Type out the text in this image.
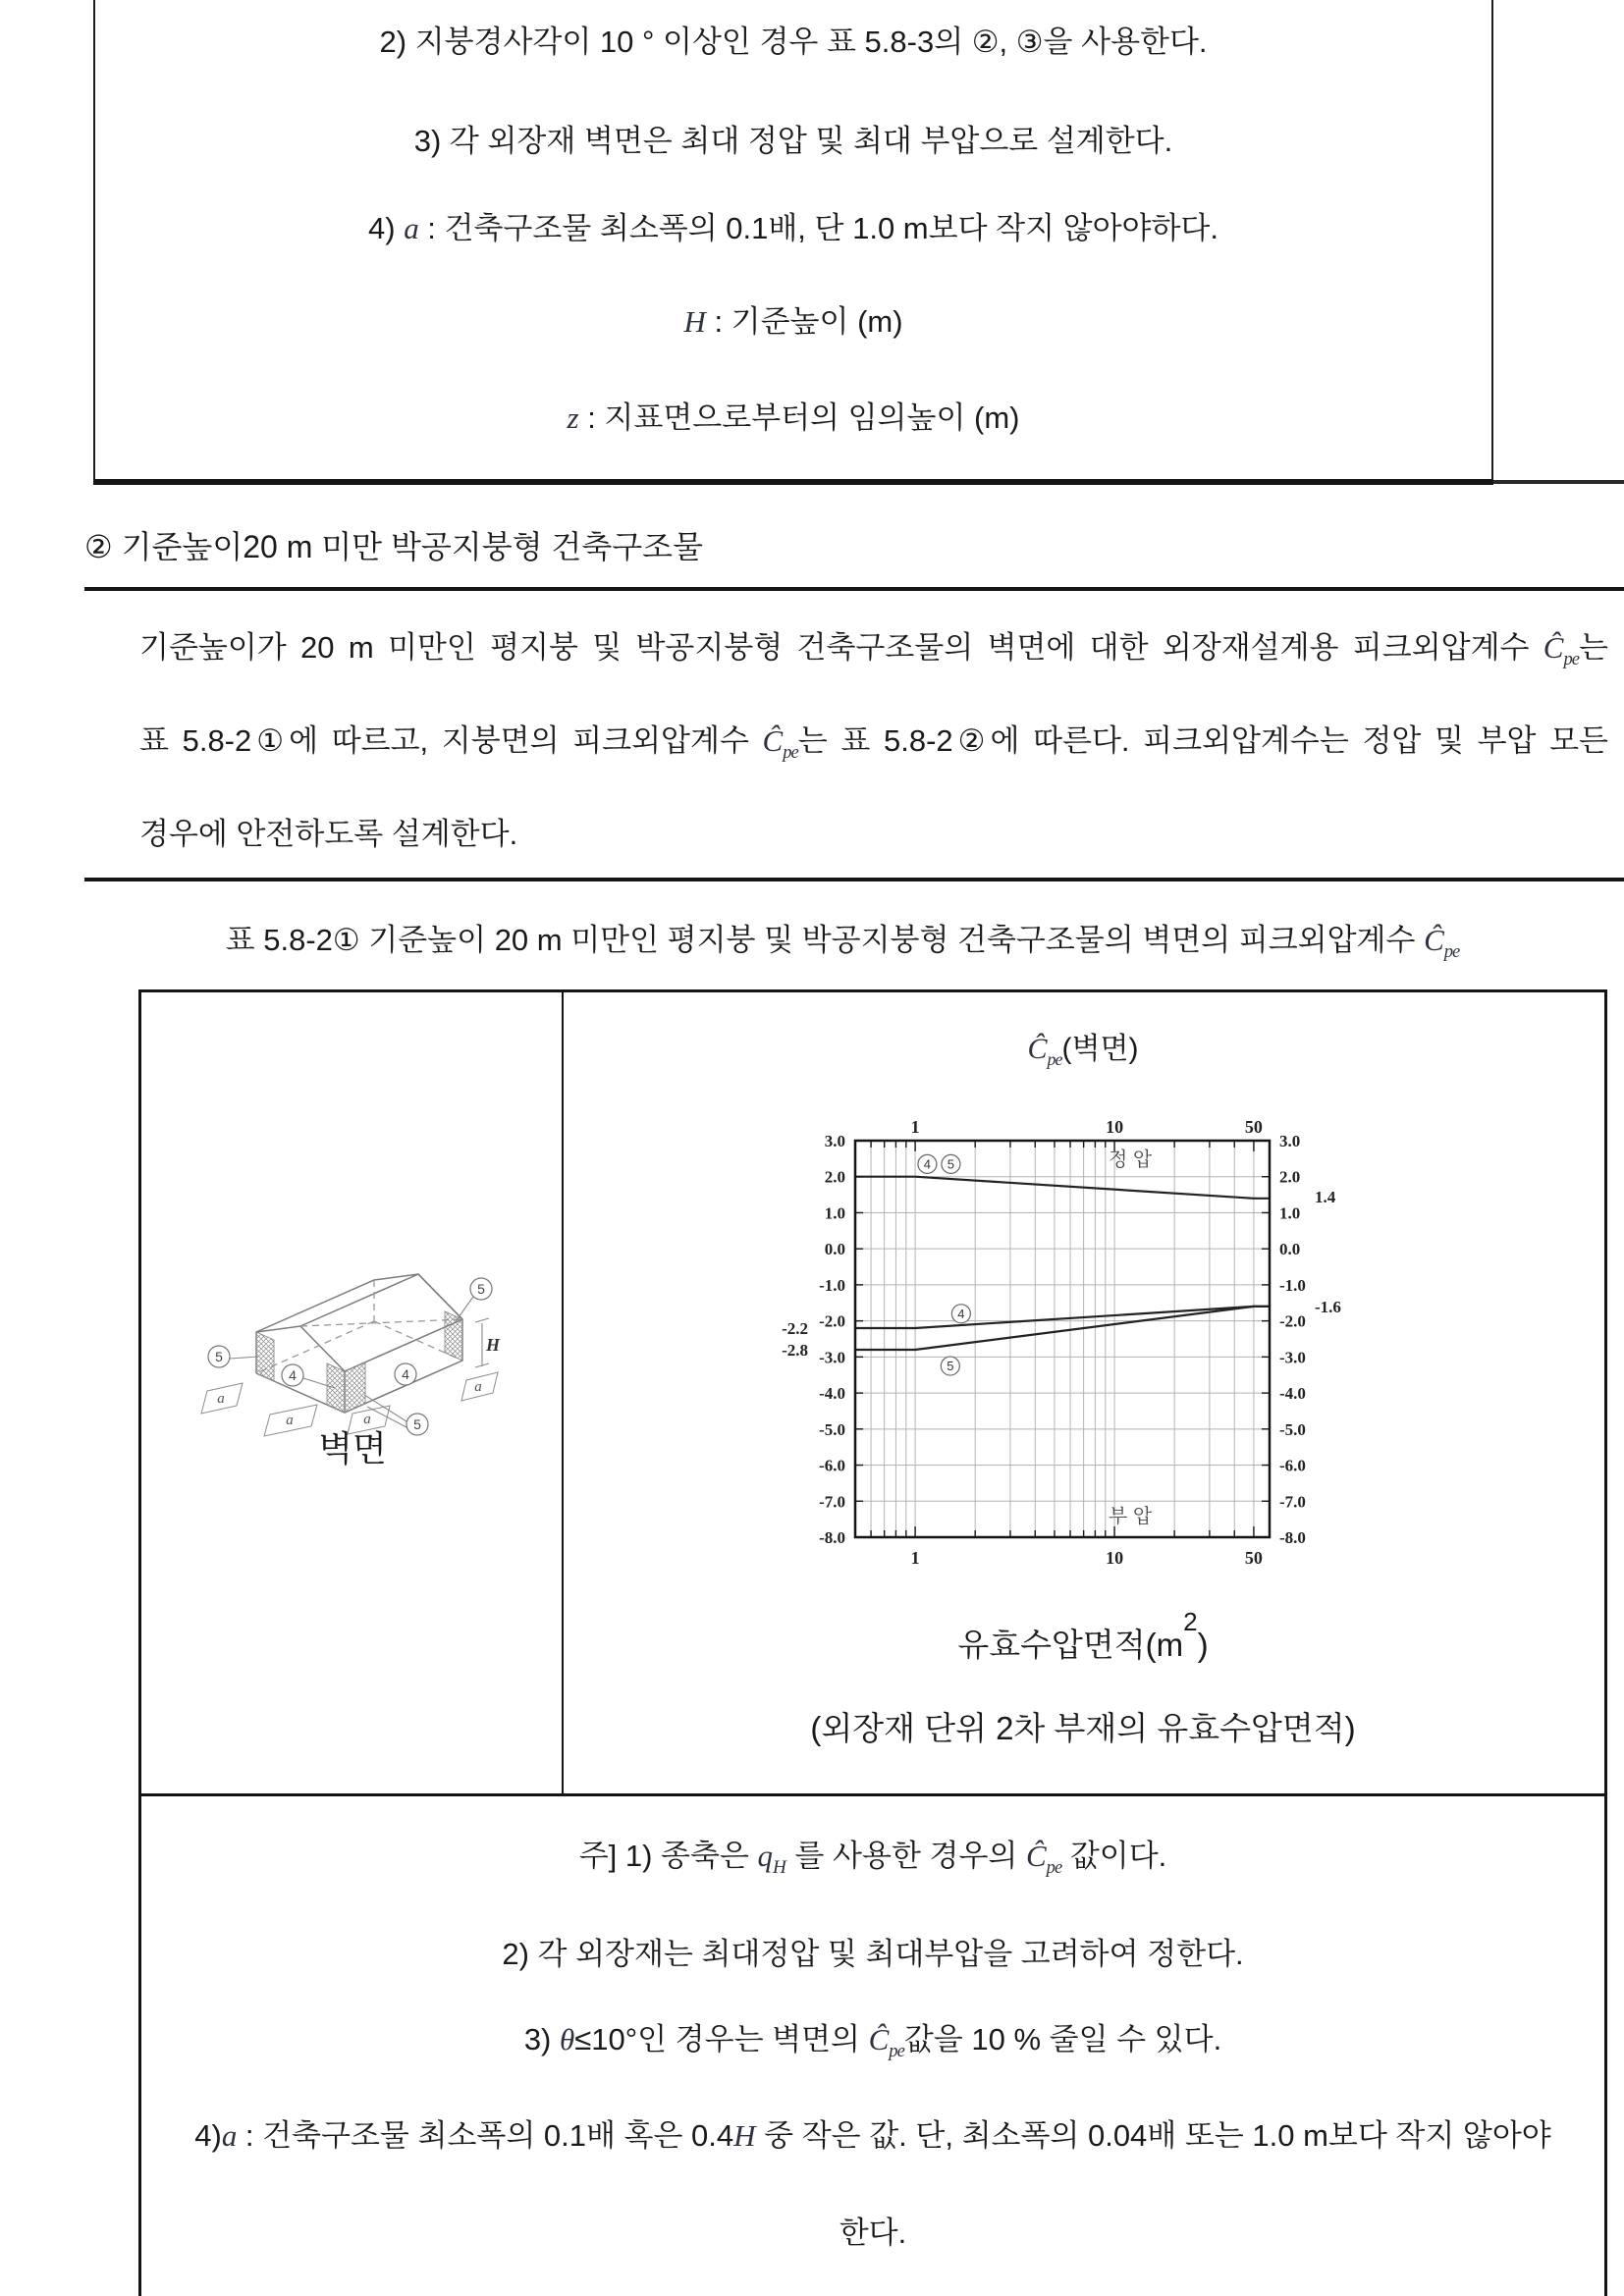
2) 지붕경사각이 10 ° 이상인 경우 표 5.8-3의 ②, ③을 사용한다.
3) 각 외장재 벽면은 최대 정압 및 최대 부압으로 설계한다.
4) a : 건축구조물 최소폭의 0.1배, 단 1.0 m보다 작지 않아야하다.
H : 기준높이 (m)
z : 지표면으로부터의 임의높이 (m)
② 기준높이20 m 미만 박공지붕형 건축구조물
기준높이가 20 m 미만인 평지붕 및 박공지붕형 건축구조물의 벽면에 대한 외장재설계용 피크외압계수 $Ĉ_{pe}$는
표 5.8-2①에 따르고, 지붕면의 피크외압계수 $Ĉ_{pe}$는 표 5.8-2②에 따른다. 피크외압계수는 정압 및 부압 모든
경우에 안전하도록 설계한다.
표 5.8-2① 기준높이 20 m 미만인 평지붕 및 박공지붕형 건축구조물의 벽면의 피크외압계수 $Ĉ_{pe}$
5
4	4
5
5
a
a	a
a
H
벽면
$Ĉ_{pe}$(벽면)
3.0	3.0
2.0	2.0
1.0	1.0
0.0	0.0
-1.0	-1.0
-2.0	-2.0
-3.0	-3.0
-4.0	-4.0
-5.0	-5.0
-6.0	-6.0
-7.0	-7.0
-8.0	-8.0
1
1
10
10
50
50
-2.2
-2.8
1.4
-1.6
정 압
부 압
4 5
4
5
유효수압면적$(m^2)$
(외장재 단위 2차 부재의 유효수압면적)
주] 1) 종축은 $q_H$ 를 사용한 경우의 $Ĉ_{pe}$ 값이다.
2) 각 외장재는 최대정압 및 최대부압을 고려하여 정한다.
3) θ≤10°인 경우는 벽면의 $Ĉ_{pe}$값을 10 % 줄일 수 있다.
4)a : 건축구조물 최소폭의 0.1배 혹은 0.4H 중 작은 값. 단, 최소폭의 0.04배 또는 1.0 m보다 작지 않아야
한다.
